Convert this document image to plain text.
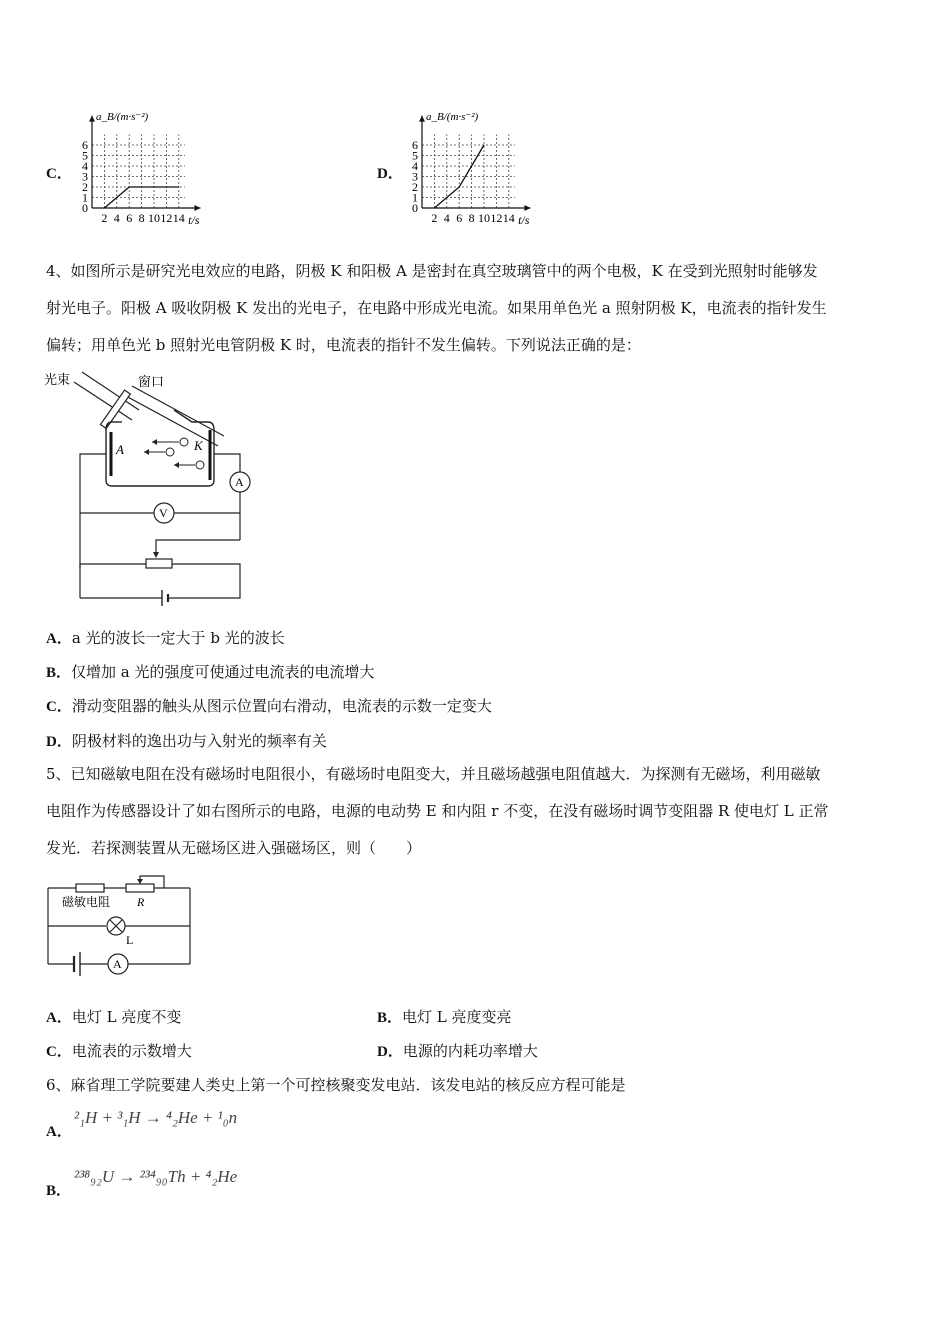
C．
a_B/(m·s⁻²)
6
5
4
3
2
1
0
2 4 6 8 10 12 14 t/s
D．
a_B/(m·s⁻²)
6
5
4
3
2
1
0
2 4 6 8 10 12 14 t/s
4、如图所示是研究光电效应的电路，阴极 K 和阳极 A 是密封在真空玻璃管中的两个电极，K 在受到光照射时能够发
射光电子。阳极 A 吸收阴极 K 发出的光电子，在电路中形成光电流。如果用单色光 a 照射阴极 K，电流表的指针发生
偏转；用单色光 b 照射光电管阴极 K 时，电流表的指针不发生偏转。下列说法正确的是：
光束	窗口
A	K
A
V
A．a 光的波长一定大于 b 光的波长
B．仅增加 a 光的强度可使通过电流表的电流增大
C．滑动变阻器的触头从图示位置向右滑动，电流表的示数一定变大
D．阴极材料的逸出功与入射光的频率有关
5、已知磁敏电阻在没有磁场时电阻很小，有磁场时电阻变大，并且磁场越强电阻值越大．为探测有无磁场，利用磁敏
电阻作为传感器设计了如右图所示的电路，电源的电动势 E 和内阻 r 不变，在没有磁场时调节变阻器 R 使电灯 L 正常
发光．若探测装置从无磁场区进入强磁场区，则（　　）
磁敏电阻 R
L
A
A．电灯 L 亮度不变	B．电灯 L 亮度变亮
C．电流表的示数增大	D．电源的内耗功率增大
6、麻省理工学院要建人类史上第一个可控核聚变发电站．该发电站的核反应方程可能是
A．
²₁H + ³₁H → ⁴₂He + ¹₀n
B．
²³⁸₉₂U → ²³⁴₉₀Th + ⁴₂He
